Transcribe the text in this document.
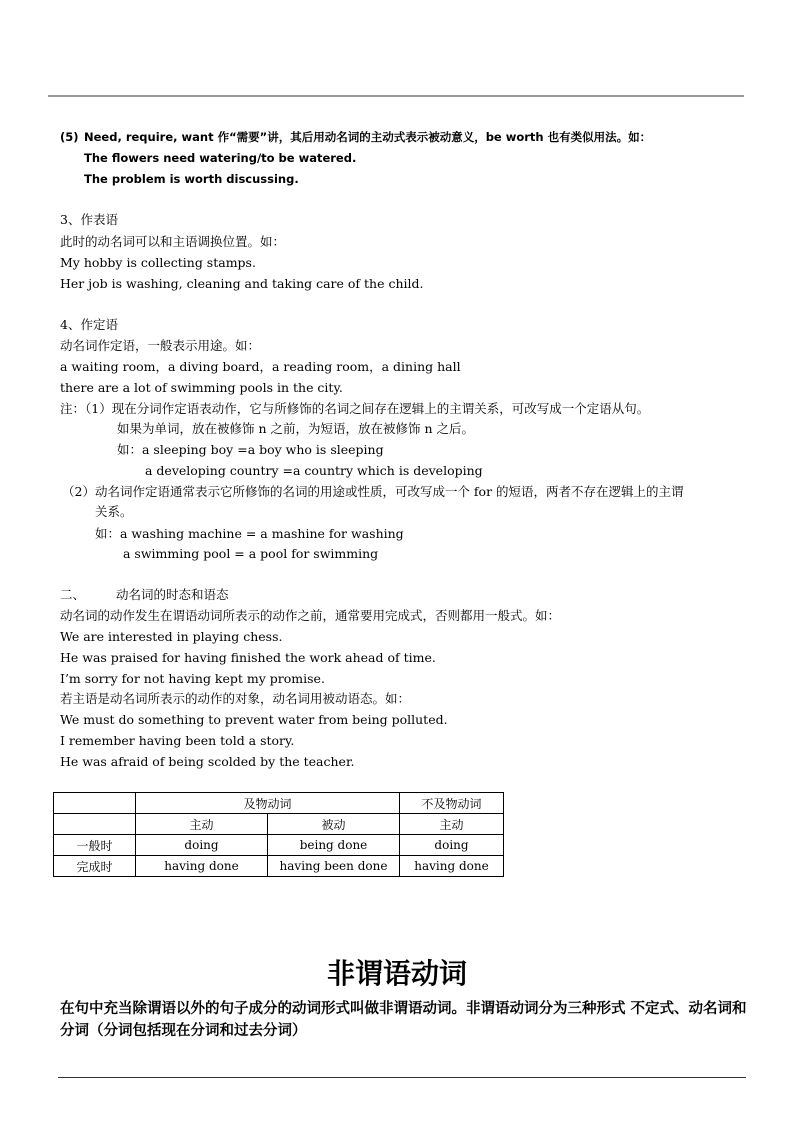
(5) Need, require, want 作“需要”讲，其后用动名词的主动式表示被动意义，be worth 也有类似用法。如：
The flowers need watering/to be watered.
The problem is worth discussing.
3、作表语
此时的动名词可以和主语调换位置。如：
My hobby is collecting stamps.
Her job is washing, cleaning and taking care of the child.
4、作定语
动名词作定语，一般表示用途。如：
a waiting room，a diving board，a reading room，a dining hall
there are a lot of swimming pools in the city.
注：（1）现在分词作定语表动作，它与所修饰的名词之间存在逻辑上的主谓关系，可改写成一个定语从句。
如果为单词，放在被修饰 n 之前，为短语，放在被修饰 n 之后。
如：a sleeping boy =a boy who is sleeping
a developing country =a country which is developing
（2）动名词作定语通常表示它所修饰的名词的用途或性质，可改写成一个 for 的短语，两者不存在逻辑上的主谓
关系。
如：a washing machine = a mashine for washing
a swimming pool = a pool for swimming
二、 动名词的时态和语态
动名词的动作发生在谓语动词所表示的动作之前，通常要用完成式，否则都用一般式。如：
We are interested in playing chess.
He was praised for having finished the work ahead of time.
I’m sorry for not having kept my promise.
若主语是动名词所表示的动作的对象，动名词用被动语态。如：
We must do something to prevent water from being polluted.
I remember having been told a story.
He was afraid of being scolded by the teacher.
	及物动词		不及物动词
	主动	被动	主动
一般时	doing	being done	doing
完成时	having done	having been done	having done
非谓语动词
在句中充当除谓语以外的句子成分的动词形式叫做非谓语动词。非谓语动词分为三种形式 不定式、动名词和分词（分词包括现在分词和过去分词）
